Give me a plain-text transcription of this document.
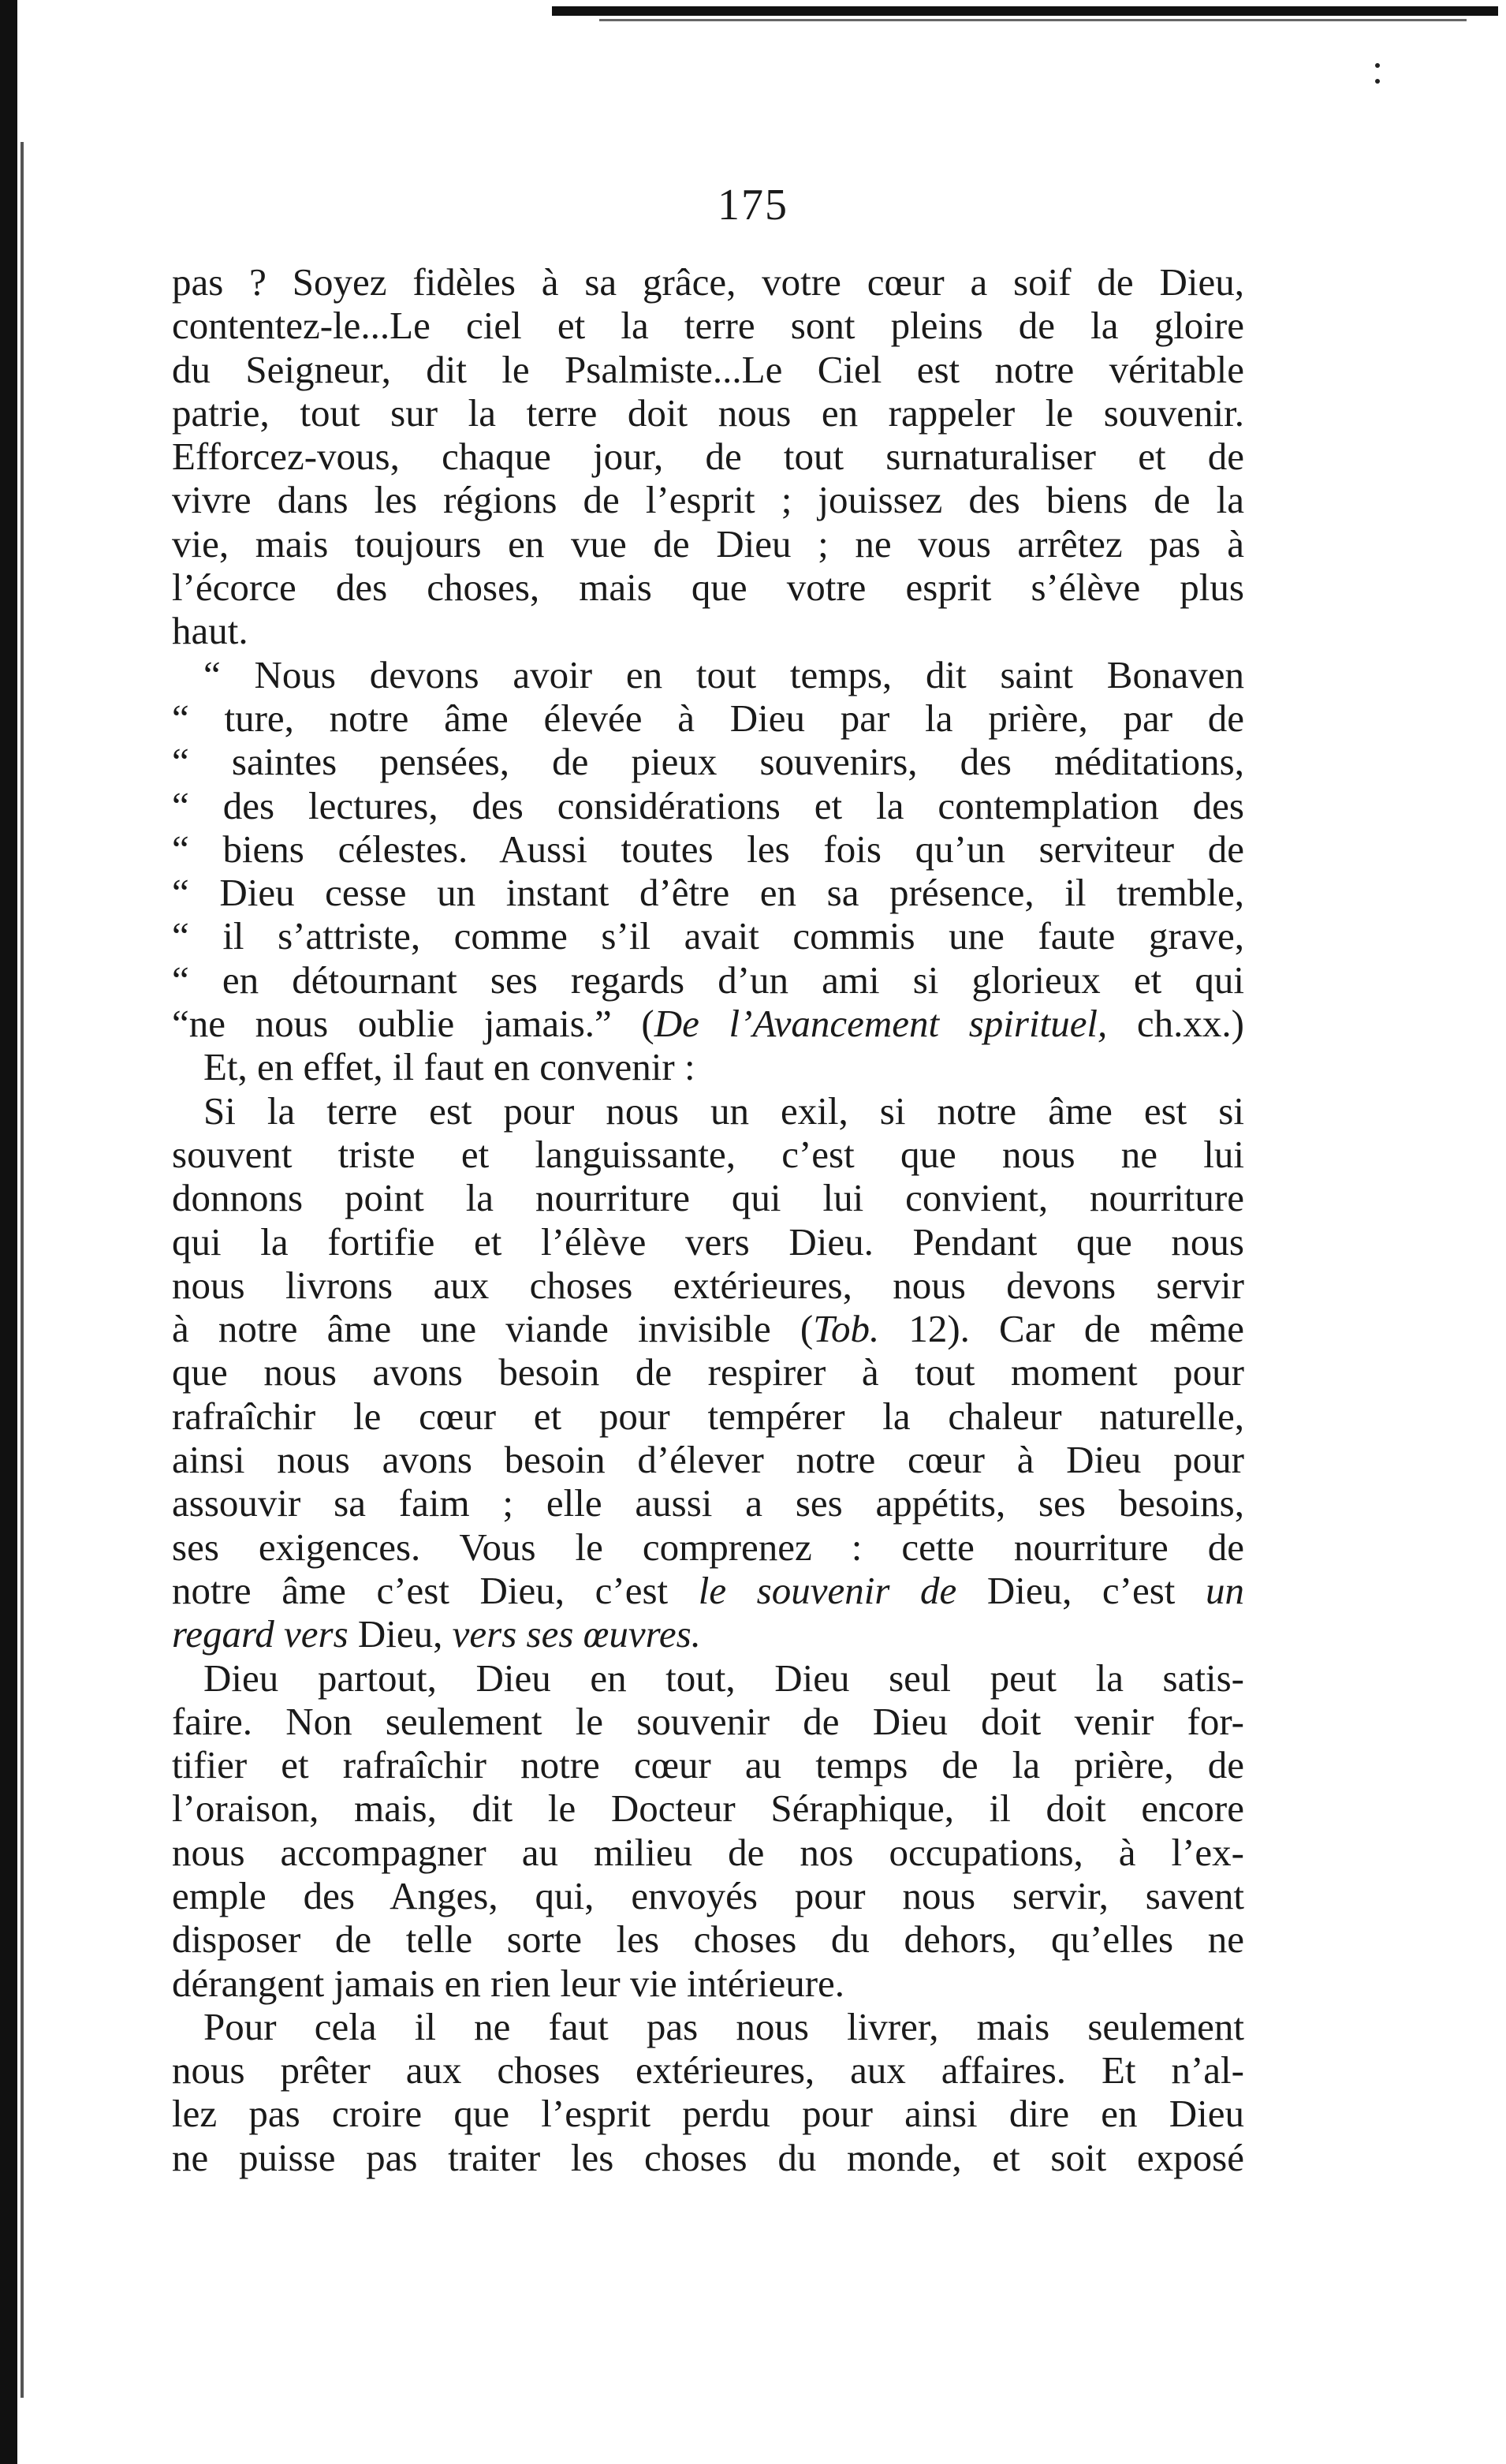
175
pas ? Soyez fidèles à sa grâce, votre cœur a soif de Dieu,
contentez-le...Le ciel et la terre sont pleins de la gloire
du Seigneur, dit le Psalmiste...Le Ciel est notre véritable
patrie, tout sur la terre doit nous en rappeler le souvenir.
Efforcez-vous, chaque jour, de tout surnaturaliser et de
vivre dans les régions de l’esprit ; jouissez des biens de la
vie, mais toujours en vue de Dieu ; ne vous arrêtez pas à
l’écorce des choses, mais que votre esprit s’élève plus
haut.
“ Nous devons avoir en tout temps, dit saint Bonaven
“ ture, notre âme élevée à Dieu par la prière, par de
“ saintes pensées, de pieux souvenirs, des méditations,
“ des lectures, des considérations et la contemplation des
“ biens célestes. Aussi toutes les fois qu’un serviteur de
“ Dieu cesse un instant d’être en sa présence, il tremble,
“ il s’attriste, comme s’il avait commis une faute grave,
“ en détournant ses regards d’un ami si glorieux et qui
“ne nous oublie jamais.” (De l’Avancement spirituel, ch.xx.)
Et, en effet, il faut en convenir :
Si la terre est pour nous un exil, si notre âme est si
souvent triste et languissante, c’est que nous ne lui
donnons point la nourriture qui lui convient, nourriture
qui la fortifie et l’élève vers Dieu. Pendant que nous
nous livrons aux choses extérieures, nous devons servir
à notre âme une viande invisible (Tob. 12). Car de même
que nous avons besoin de respirer à tout moment pour
rafraîchir le cœur et pour tempérer la chaleur naturelle,
ainsi nous avons besoin d’élever notre cœur à Dieu pour
assouvir sa faim ; elle aussi a ses appétits, ses besoins,
ses exigences. Vous le comprenez : cette nourriture de
notre âme c’est Dieu, c’est le souvenir de Dieu, c’est un
regard vers Dieu, vers ses œuvres.
Dieu partout, Dieu en tout, Dieu seul peut la satis-
faire. Non seulement le souvenir de Dieu doit venir for-
tifier et rafraîchir notre cœur au temps de la prière, de
l’oraison, mais, dit le Docteur Séraphique, il doit encore
nous accompagner au milieu de nos occupations, à l’ex-
emple des Anges, qui, envoyés pour nous servir, savent
disposer de telle sorte les choses du dehors, qu’elles ne
dérangent jamais en rien leur vie intérieure.
Pour cela il ne faut pas nous livrer, mais seulement
nous prêter aux choses extérieures, aux affaires. Et n’al-
lez pas croire que l’esprit perdu pour ainsi dire en Dieu
ne puisse pas traiter les choses du monde, et soit exposé
